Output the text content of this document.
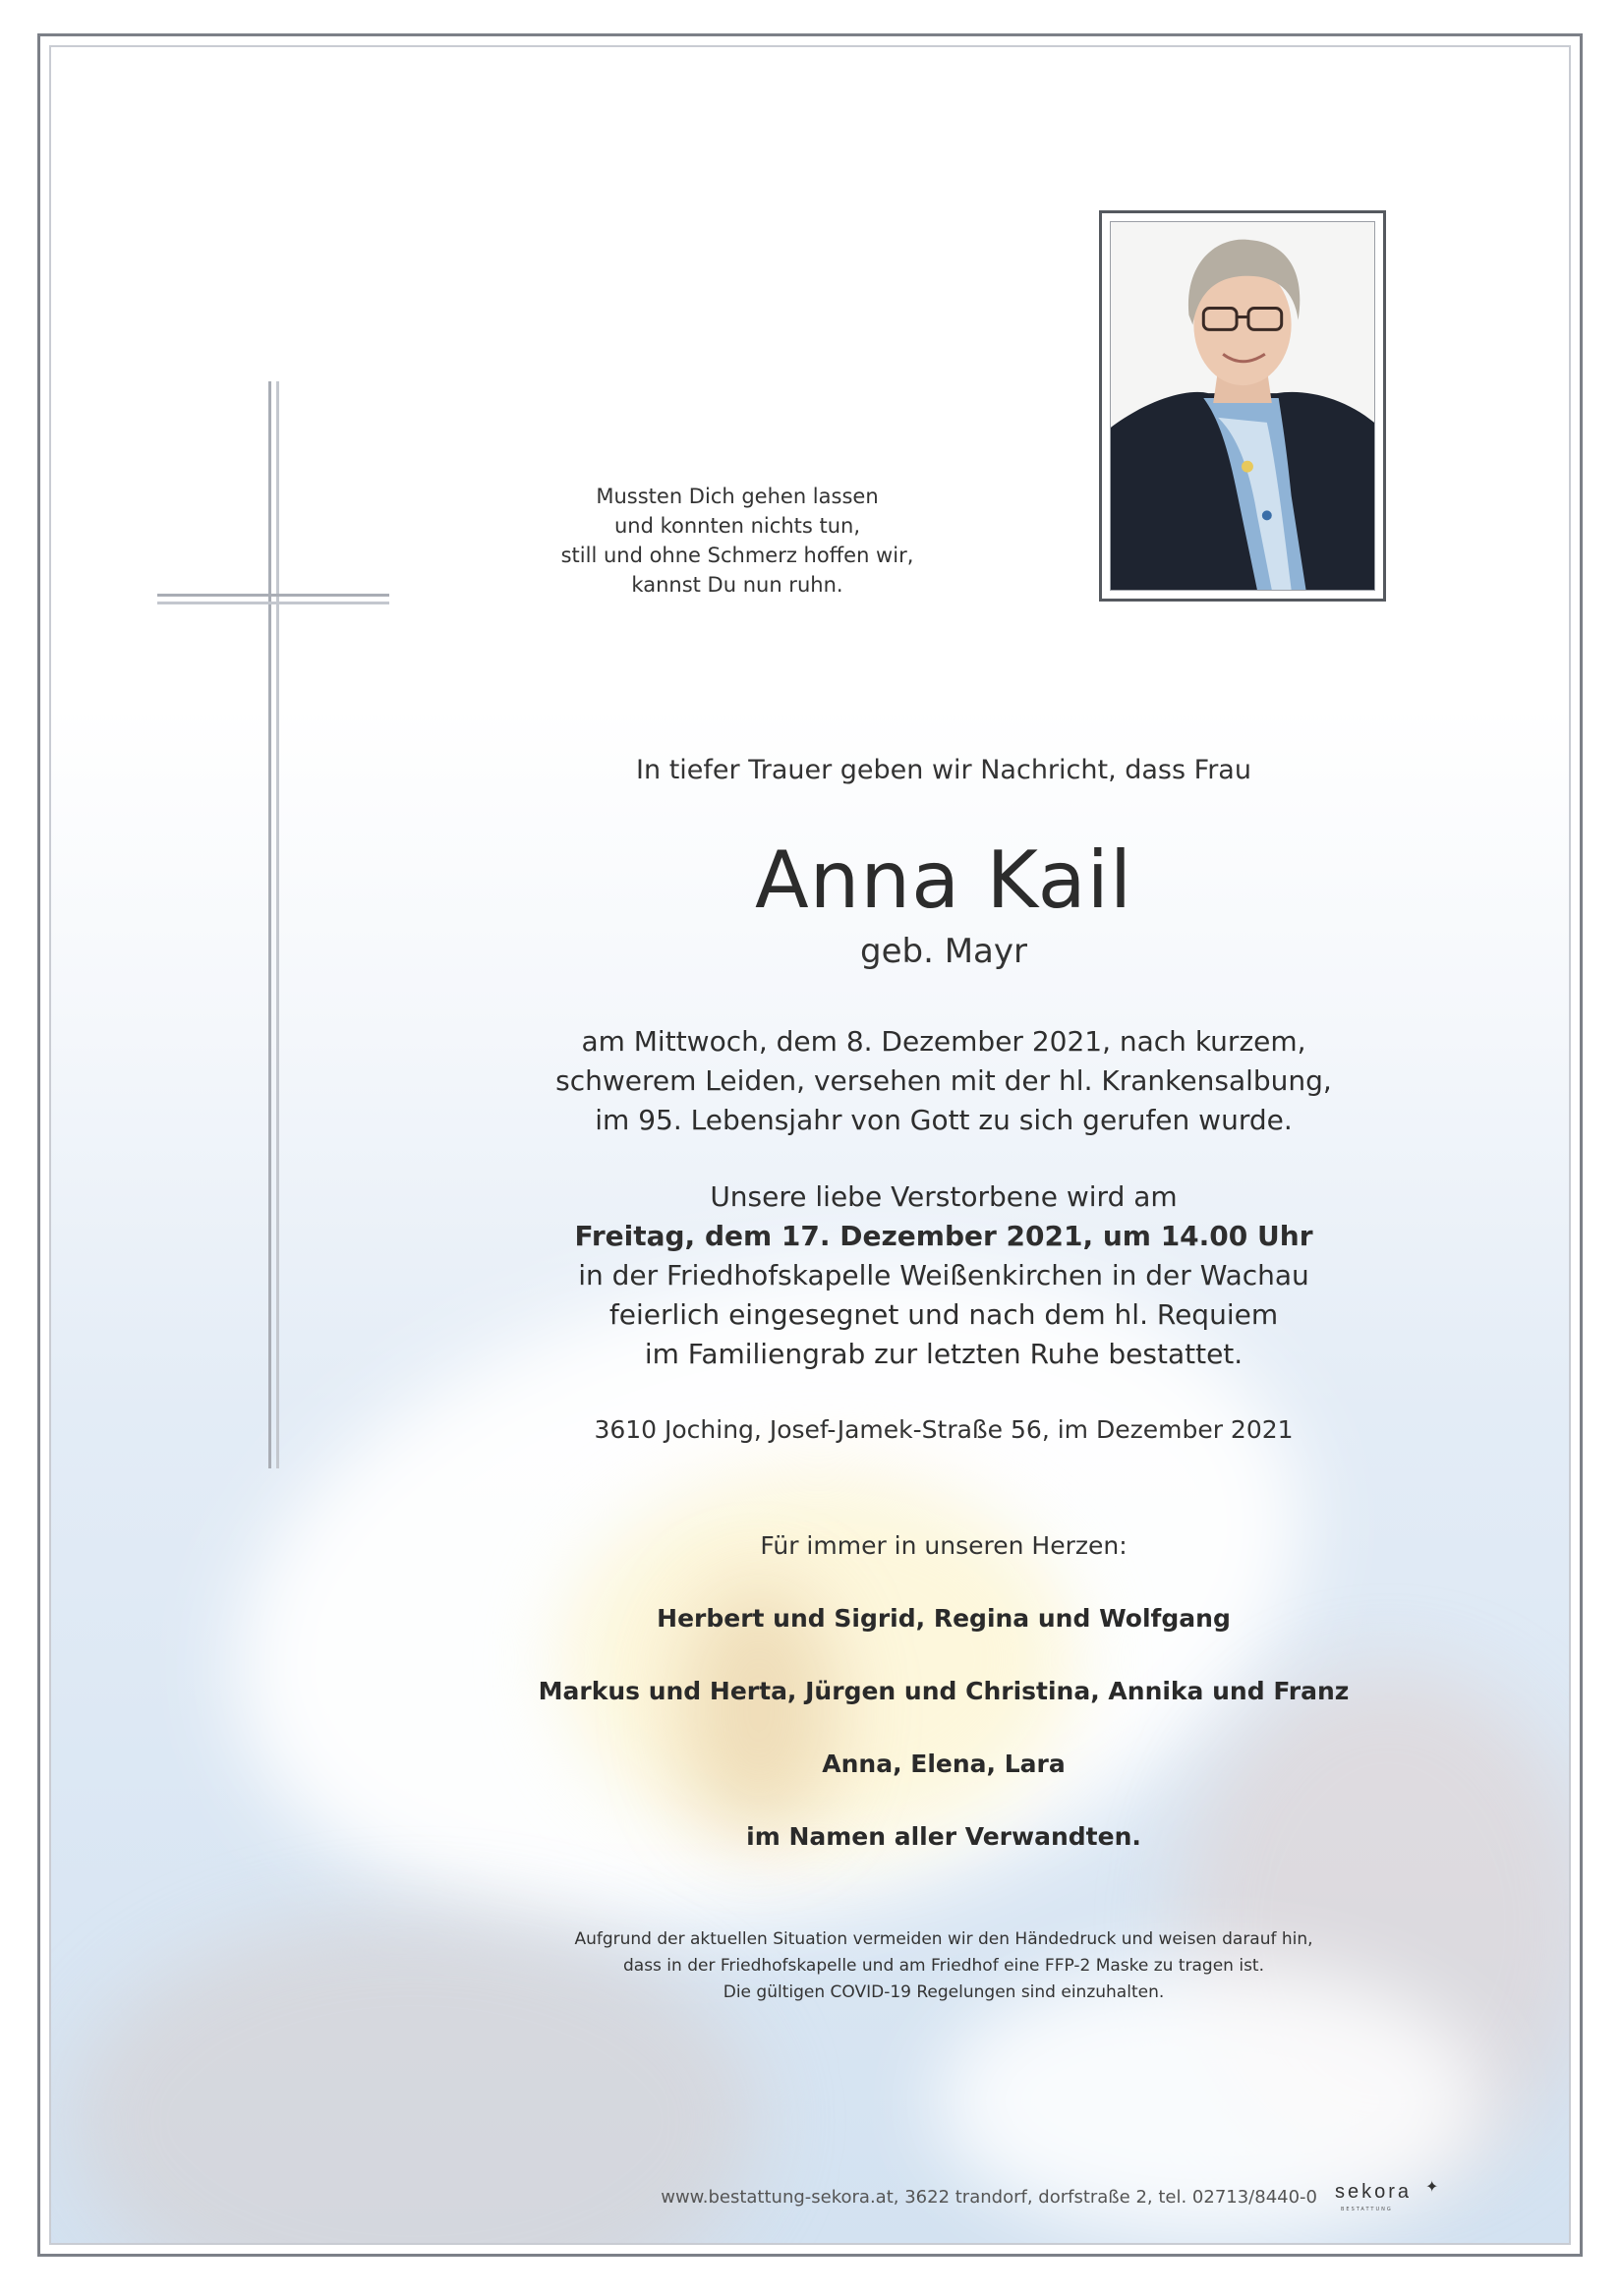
Mussten Dich gehen lassen
und konnten nichts tun,
still und ohne Schmerz hoffen wir,
kannst Du nun ruhn.

In tiefer Trauer geben wir Nachricht, dass Frau

Anna Kail

geb. Mayr

am Mittwoch, dem 8. Dezember 2021, nach kurzem,
schwerem Leiden, versehen mit der hl. Krankensalbung,
im 95. Lebensjahr von Gott zu sich gerufen wurde.
Unsere liebe Verstorbene wird am
Freitag, dem 17. Dezember 2021, um 14.00 Uhr
in der Friedhofskapelle Weißenkirchen in der Wachau
feierlich eingesegnet und nach dem hl. Requiem
im Familiengrab zur letzten Ruhe bestattet.

3610 Joching, Josef-Jamek-Straße 56, im Dezember 2021

Für immer in unseren Herzen:

Herbert und Sigrid, Regina und Wolfgang

Markus und Herta, Jürgen und Christina, Annika und Franz

Anna, Elena, Lara

im Namen aller Verwandten.

Aufgrund der aktuellen Situation vermeiden wir den Händedruck und weisen darauf hin,
dass in der Friedhofskapelle und am Friedhof eine FFP-2 Maske zu tragen ist.
Die gültigen COVID-19 Regelungen sind einzuhalten.
www.bestattung-sekora.at, 3622 trandorf, dorfstraße 2, tel. 02713/8440-0 sekora
BESTATTUNG
✦
